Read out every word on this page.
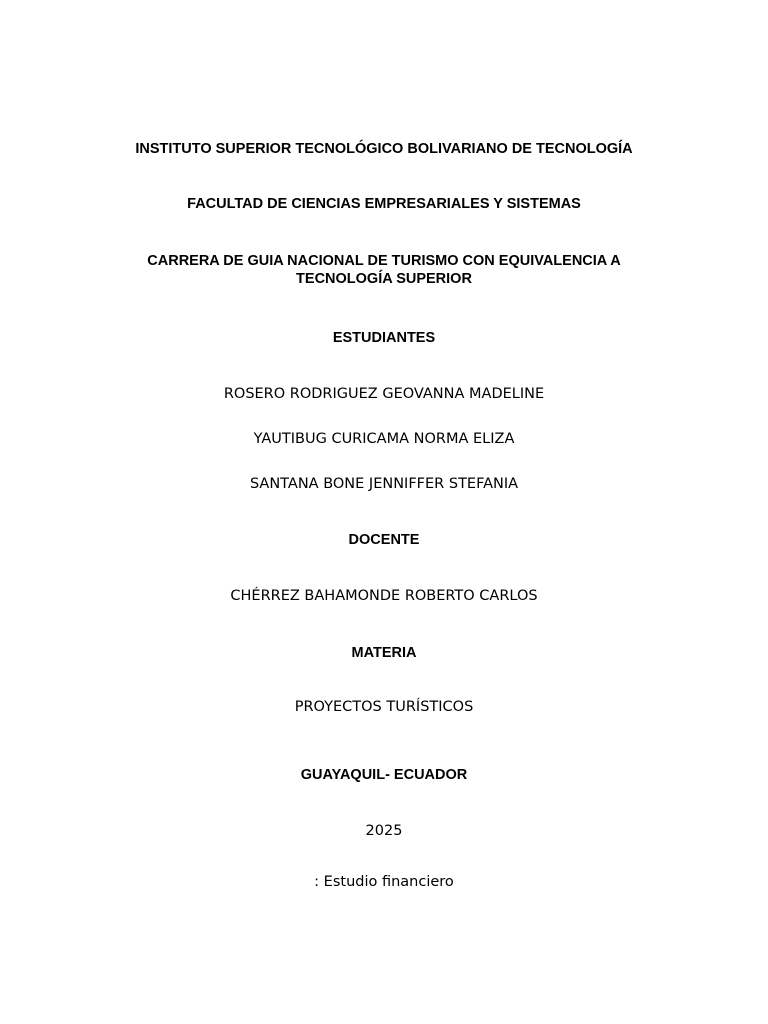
INSTITUTO SUPERIOR TECNOLÓGICO BOLIVARIANO DE TECNOLOGÍA
FACULTAD DE CIENCIAS EMPRESARIALES Y SISTEMAS
CARRERA DE GUIA NACIONAL DE TURISMO CON EQUIVALENCIA A TECNOLOGÍA SUPERIOR
ESTUDIANTES
ROSERO RODRIGUEZ GEOVANNA MADELINE
YAUTIBUG CURICAMA NORMA ELIZA
SANTANA BONE JENNIFFER STEFANIA
DOCENTE
CHÉRREZ BAHAMONDE ROBERTO CARLOS
MATERIA
PROYECTOS TURÍSTICOS
GUAYAQUIL- ECUADOR
2025
: Estudio financiero
